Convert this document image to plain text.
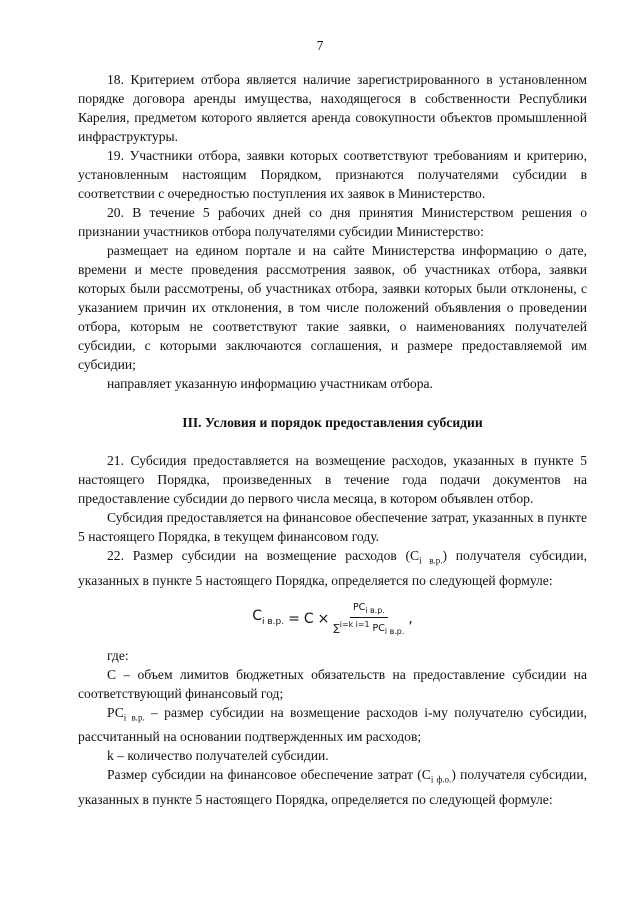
7

18. Критерием отбора является наличие зарегистрированного в установленном порядке договора аренды имущества, находящегося в собственности Республики Карелия, предметом которого является аренда совокупности объектов промышленной инфраструктуры.

19. Участники отбора, заявки которых соответствуют требованиям и критерию, установленным настоящим Порядком, признаются получателями субсидии в соответствии с очередностью поступления их заявок в Министерство.

20. В течение 5 рабочих дней со дня принятия Министерством решения о признании участников отбора получателями субсидии Министерство:

размещает на едином портале и на сайте Министерства информацию о дате, времени и месте проведения рассмотрения заявок, об участниках отбора, заявки которых были рассмотрены, об участниках отбора, заявки которых были отклонены, с указанием причин их отклонения, в том числе положений объявления о проведении отбора, которым не соответствуют такие заявки, о наименованиях получателей субсидии, с которыми заключаются соглашения, и размере предоставляемой им субсидии;

направляет указанную информацию участникам отбора.

III. Условия и порядок предоставления субсидии

21. Субсидия предоставляется на возмещение расходов, указанных в пункте 5 настоящего Порядка, произведенных в течение года подачи документов на предоставление субсидии до первого числа месяца, в котором объявлен отбор.

Субсидия предоставляется на финансовое обеспечение затрат, указанных в пункте 5 настоящего Порядка, в текущем финансовом году.

22. Размер субсидии на возмещение расходов $(С_{i в.р.})$ получателя субсидии, указанных в пункте 5 настоящего Порядка, определяется по следующей формуле:

$С_{i в.р.} = С \times \frac{РС_{i в.р.}}{\sum^{i=k i=1} РС_{i в.р.}}$ ,

где:

С – объем лимитов бюджетных обязательств на предоставление субсидии на соответствующий финансовый год;

$РС_{i в.р.}$ – размер субсидии на возмещение расходов i-му получателю субсидии, рассчитанный на основании подтвержденных им расходов;

k – количество получателей субсидии.

Размер субсидии на финансовое обеспечение затрат $(С_{i ф.о.})$ получателя субсидии, указанных в пункте 5 настоящего Порядка, определяется по следующей формуле:
